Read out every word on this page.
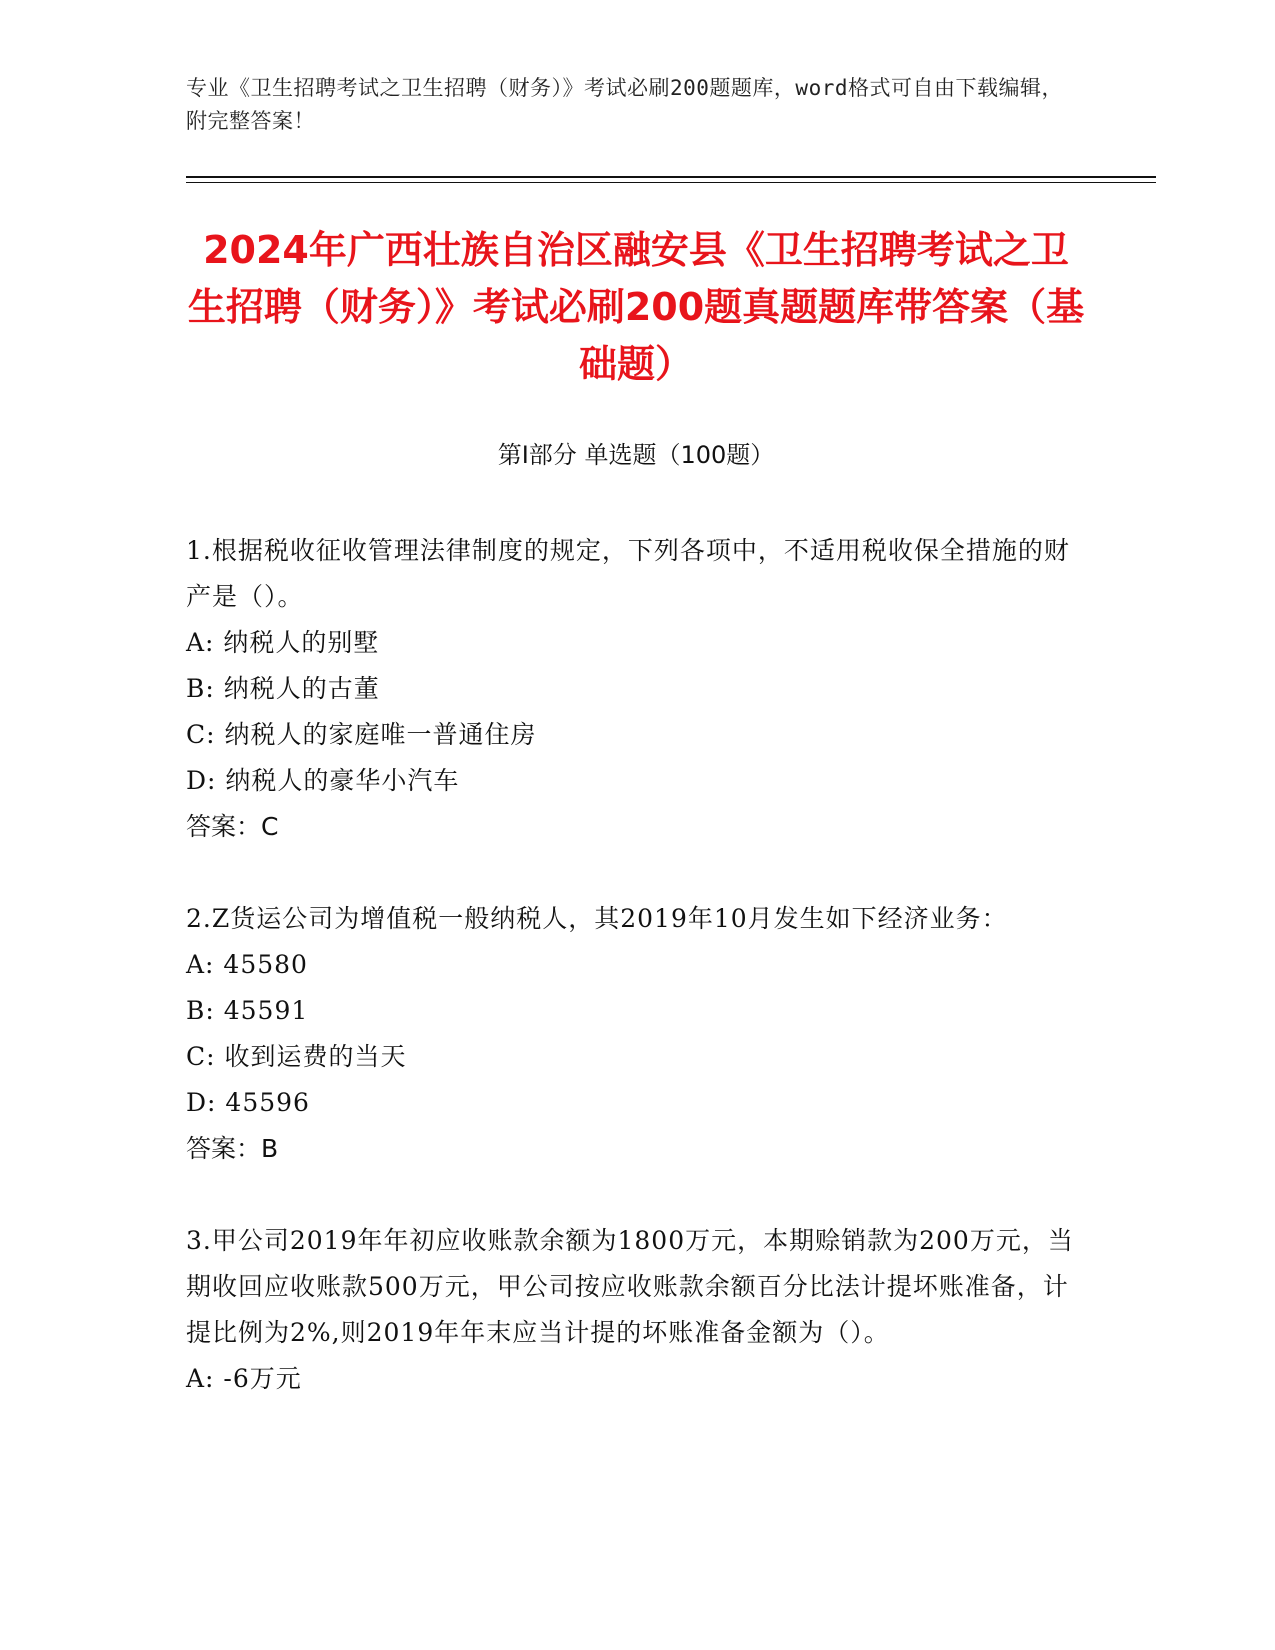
专业《卫生招聘考试之卫生招聘（财务）》考试必刷200题题库，word格式可自由下载编辑，附完整答案！
2024年广西壮族自治区融安县《卫生招聘考试之卫生招聘（财务）》考试必刷200题真题题库带答案（基础题）
第I部分 单选题（100题）
1.根据税收征收管理法律制度的规定，下列各项中，不适用税收保全措施的财产是（）。
A: 纳税人的别墅
B: 纳税人的古董
C: 纳税人的家庭唯一普通住房
D: 纳税人的豪华小汽车
答案：C
2.Z货运公司为增值税一般纳税人，其2019年10月发生如下经济业务：
A: 45580
B: 45591
C: 收到运费的当天
D: 45596
答案：B
3.甲公司2019年年初应收账款余额为1800万元，本期赊销款为200万元，当期收回应收账款500万元，甲公司按应收账款余额百分比法计提坏账准备，计提比例为2%,则2019年年末应当计提的坏账准备金额为（）。
A: -6万元
